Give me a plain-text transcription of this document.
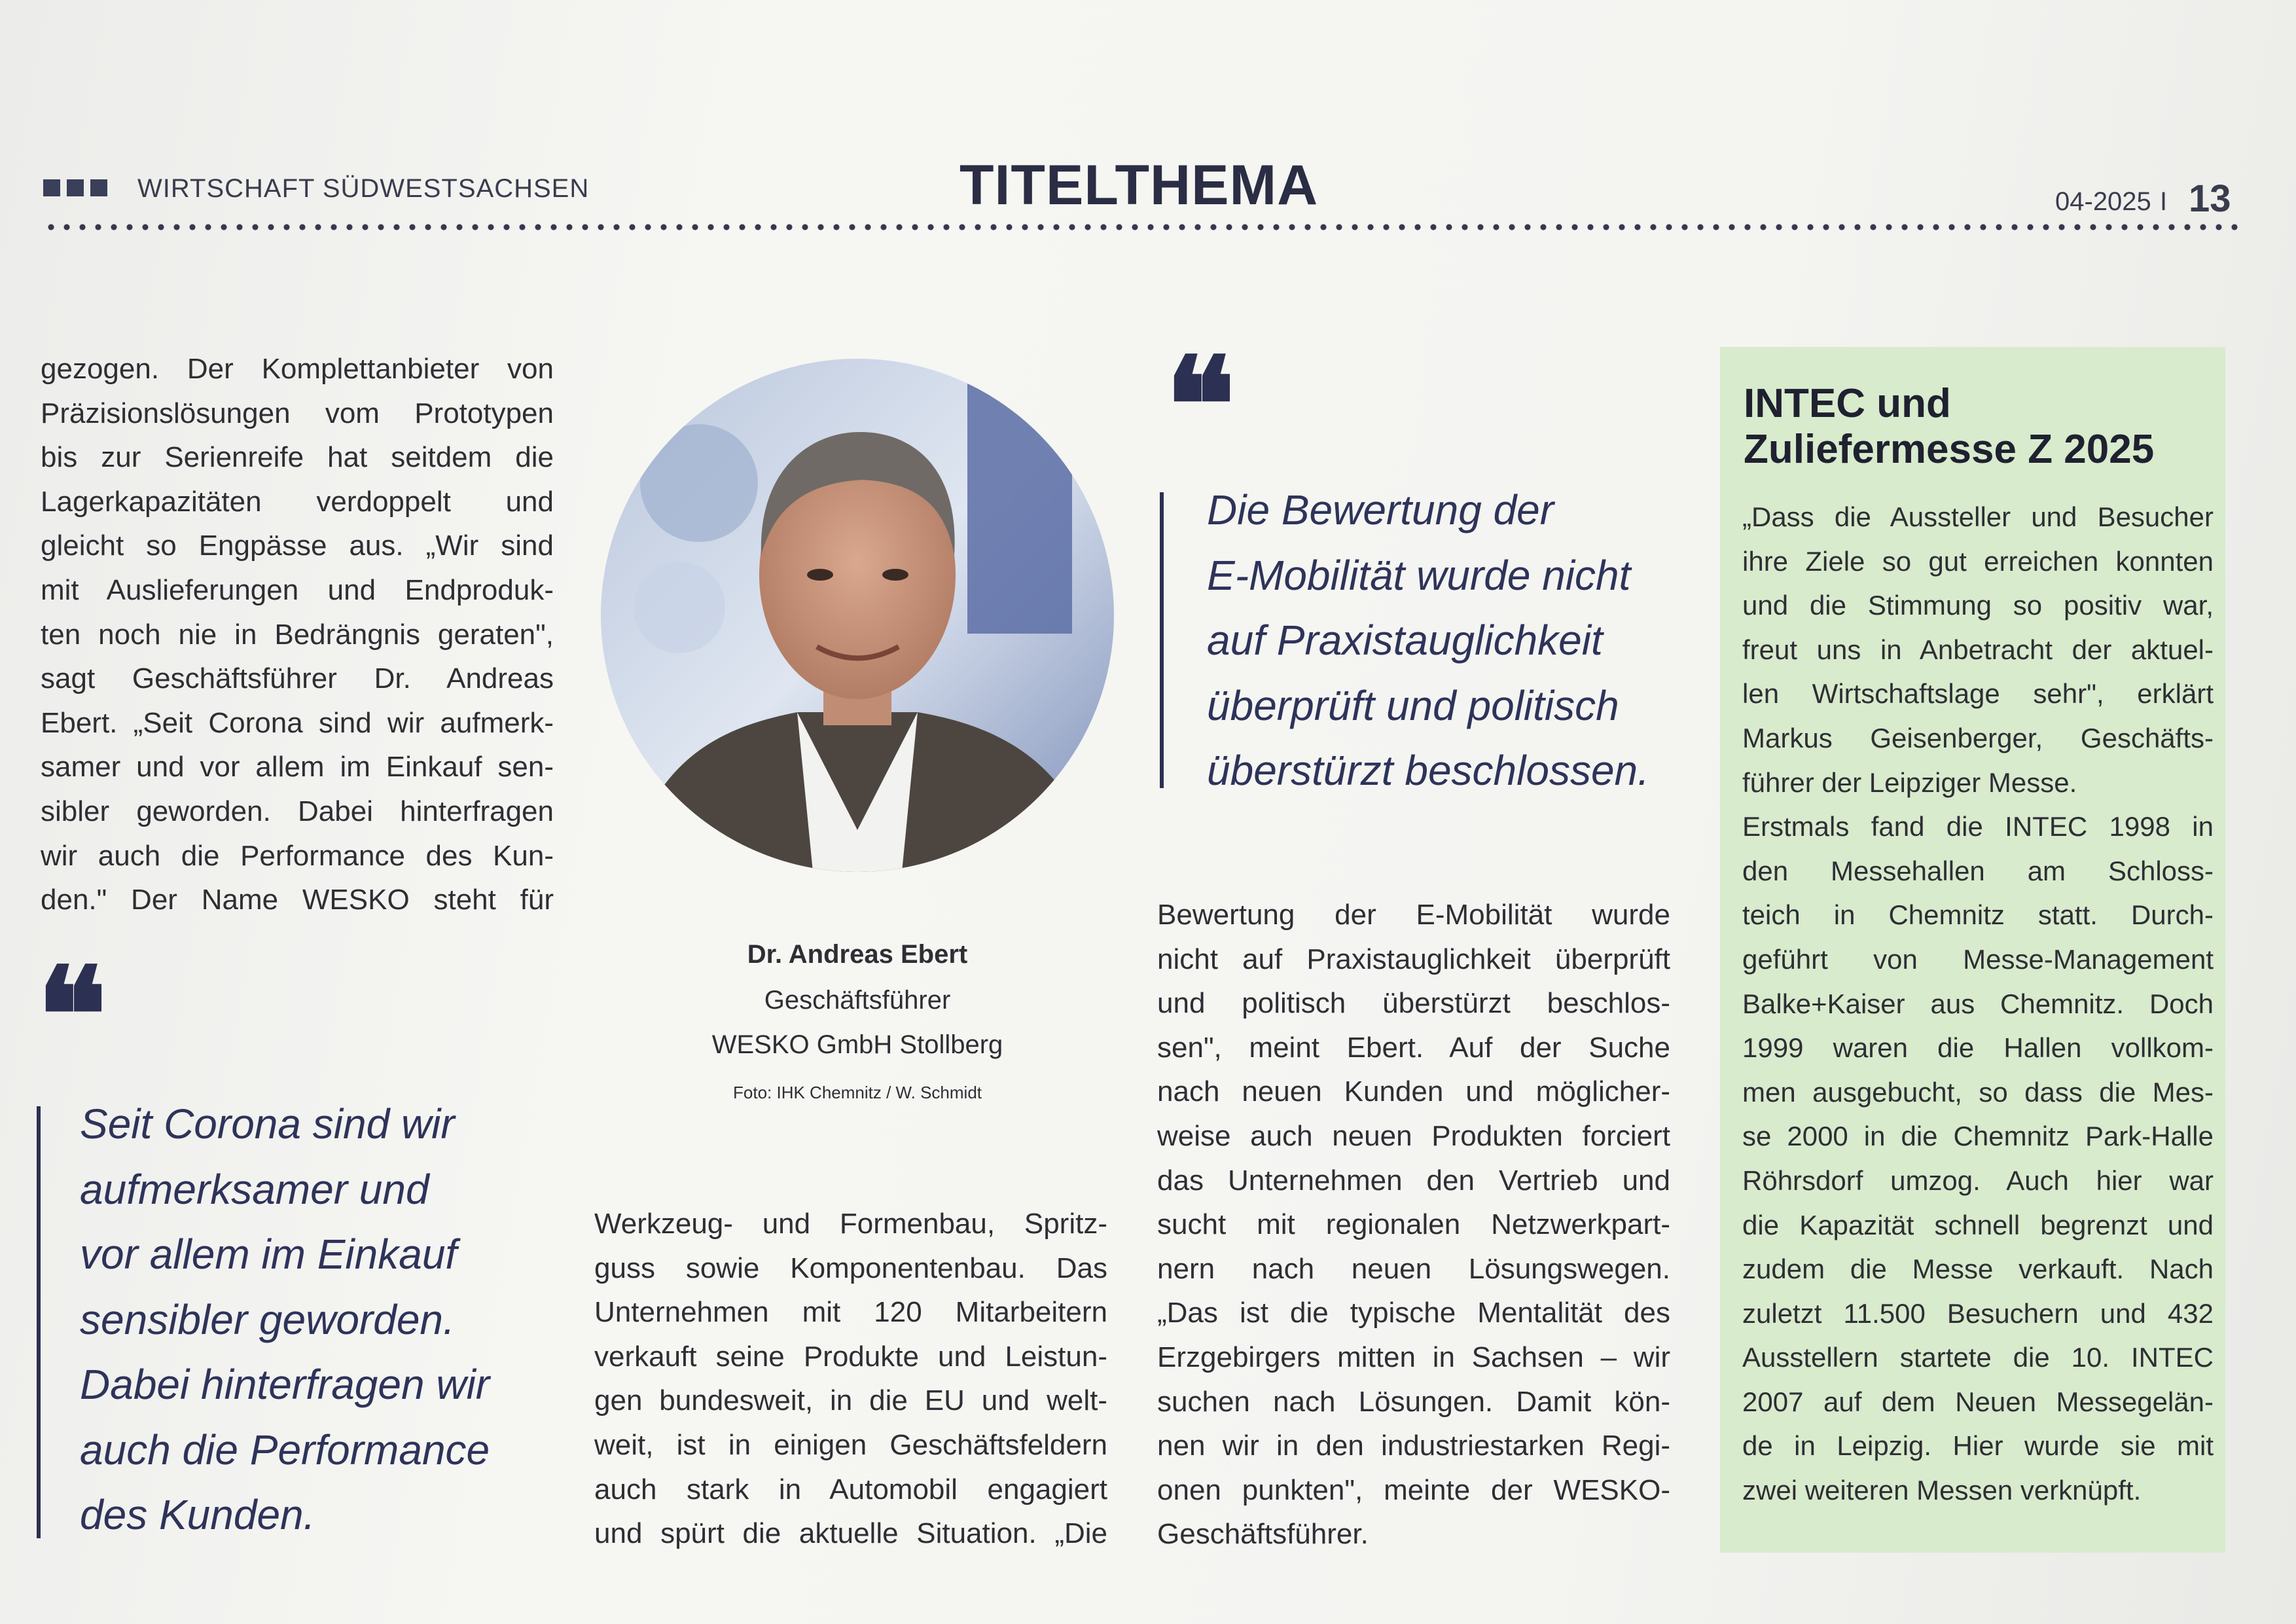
WIRTSCHAFT SÜDWESTSACHSEN	TITELTHEMA	04-2025 I 13

gezogen. Der Komplettanbieter von
Präzisionslösungen vom Prototypen
bis zur Serienreife hat seitdem die
Lagerkapazitäten verdoppelt und
gleicht so Engpässe aus. „Wir sind
mit Auslieferungen und Endproduk-
ten noch nie in Bedrängnis geraten",
sagt Geschäftsführer Dr. Andreas
Ebert. „Seit Corona sind wir aufmerk-
samer und vor allem im Einkauf sen-
sibler geworden. Dabei hinterfragen
wir auch die Performance des Kun-
den." Der Name WESKO steht für

❝
Seit Corona sind wir
aufmerksamer und
vor allem im Einkauf
sensibler geworden.
Dabei hinterfragen wir
auch die Performance
des Kunden.
Dr. Andreas Ebert
Geschäftsführer
WESKO GmbH Stollberg
Foto: IHK Chemnitz / W. Schmidt

Werkzeug- und Formenbau, Spritz-
guss sowie Komponentenbau. Das
Unternehmen mit 120 Mitarbeitern
verkauft seine Produkte und Leistun-
gen bundesweit, in die EU und welt-
weit, ist in einigen Geschäftsfeldern
auch stark in Automobil engagiert
und spürt die aktuelle Situation. „Die

❝
Die Bewertung der
E-Mobilität wurde nicht
auf Praxistauglichkeit
überprüft und politisch
überstürzt beschlossen.

Bewertung der E-Mobilität wurde
nicht auf Praxistauglichkeit überprüft
und politisch überstürzt beschlos-
sen", meint Ebert. Auf der Suche
nach neuen Kunden und möglicher-
weise auch neuen Produkten forciert
das Unternehmen den Vertrieb und
sucht mit regionalen Netzwerkpart-
nern nach neuen Lösungswegen.
„Das ist die typische Mentalität des
Erzgebirgers mitten in Sachsen – wir
suchen nach Lösungen. Damit kön-
nen wir in den industriestarken Regi-
onen punkten", meinte der WESKO-
Geschäftsführer.

INTEC und
Zuliefermesse Z 2025

„Dass die Aussteller und Besucher
ihre Ziele so gut erreichen konnten
und die Stimmung so positiv war,
freut uns in Anbetracht der aktuel-
len Wirtschaftslage sehr", erklärt
Markus Geisenberger, Geschäfts-
führer der Leipziger Messe.
Erstmals fand die INTEC 1998 in
den Messehallen am Schloss-
teich in Chemnitz statt. Durch-
geführt von Messe-Management
Balke+Kaiser aus Chemnitz. Doch
1999 waren die Hallen vollkom-
men ausgebucht, so dass die Mes-
se 2000 in die Chemnitz Park-Halle
Röhrsdorf umzog. Auch hier war
die Kapazität schnell begrenzt und
zudem die Messe verkauft. Nach
zuletzt 11.500 Besuchern und 432
Ausstellern startete die 10. INTEC
2007 auf dem Neuen Messegelän-
de in Leipzig. Hier wurde sie mit
zwei weiteren Messen verknüpft.
